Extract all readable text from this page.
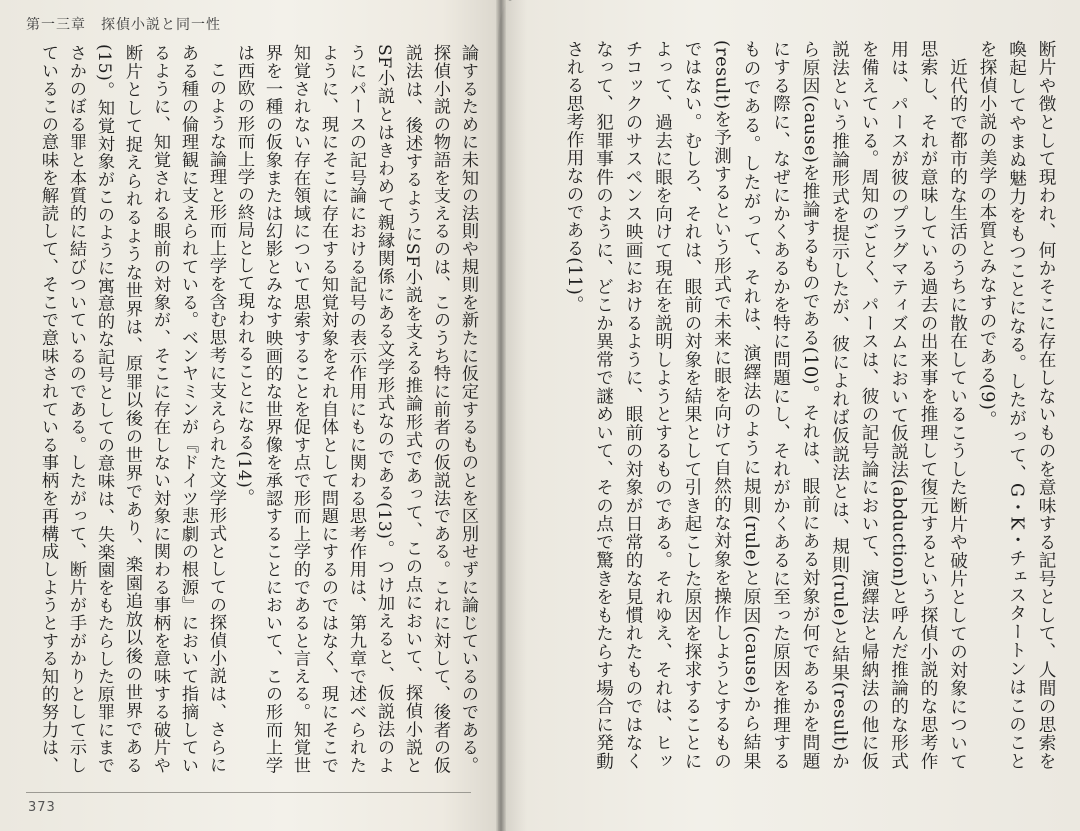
第一三章　探偵小説と同一性

論するために未知の法則や規則を新たに仮定するものとを区別せずに論じているのである。探偵小説の物語を支えるのは、このうち特に前者の仮説法である。これに対して、後者の仮説法は、後述するようにSF小説を支える推論形式であって、この点において、探偵小説とSF小説とはきわめて親縁関係にある文学形式なのである(13)。つけ加えると、仮説法のようにパースの記号論における記号の表示作用にもに関わる思考作用は、第九章で述べられたように、現にそこに存在する知覚対象をそれ自体として問題にするのではなく、現にそこで知覚されない存在領域について思索することを促す点で形而上学的であると言える。知覚世界を一種の仮象または幻影とみなす映画的な世界像を承認することにおいて、この形而上学は西欧の形而上学の終局として現われることになる(14)。

このような論理と形而上学を含む思考に支えられた文学形式としての探偵小説は、さらにある種の倫理観に支えられている。ベンヤミンが『ドイツ悲劇の根源』において指摘しているように、知覚される眼前の対象が、そこに存在しない対象に関わる事柄を意味する破片や断片として捉えられるような世界は、原罪以後の世界であり、楽園追放以後の世界である(15)。知覚対象がこのように寓意的な記号としての意味は、失楽園をもたらした原罪にまでさかのぼる罪と本質的に結びついているのである。したがって、断片が手がかりとして示しているこの意味を解読して、そこで意味されている事柄を再構成しようとする知的努力は、

373

断片や徴として現われ、何かそこに存在しないものを意味する記号として、人間の思索を喚起してやまぬ魅力をもつことになる。したがって、G・K・チェスタートンはこのことを探偵小説の美学の本質とみなすのである(9)。

近代的で都市的な生活のうちに散在しているこうした断片や破片としての対象について思索し、それが意味している過去の出来事を推理して復元するという探偵小説的な思考作用は、パースが彼のプラグマティズムにおいて仮説法(abduction)と呼んだ推論的な形式を備えている。周知のごとく、パースは、彼の記号論において、演繹法と帰納法の他に仮説法という推論形式を提示したが、彼によれば仮説法とは、規則(rule)と結果(result)から原因(cause)を推論するものである(10)。それは、眼前にある対象が何であるかを問題にする際に、なぜにかくあるかを特に問題にし、それがかくあるに至った原因を推理するものである。したがって、それは、演繹法のように規則(rule)と原因(cause)から結果(result)を予測するという形式で未来に眼を向けて自然的な対象を操作しようとするものではない。むしろ、それは、眼前の対象を結果として引き起こした原因を探求することによって、過去に眼を向けて現在を説明しようとするものである。それゆえ、それは、ヒッチコックのサスペンス映画におけるように、眼前の対象が日常的な見慣れたものではなくなって、犯罪事件のように、どこか異常で謎めいて、その点で驚きをもたらす場合に発動される思考作用なのである(11)。
